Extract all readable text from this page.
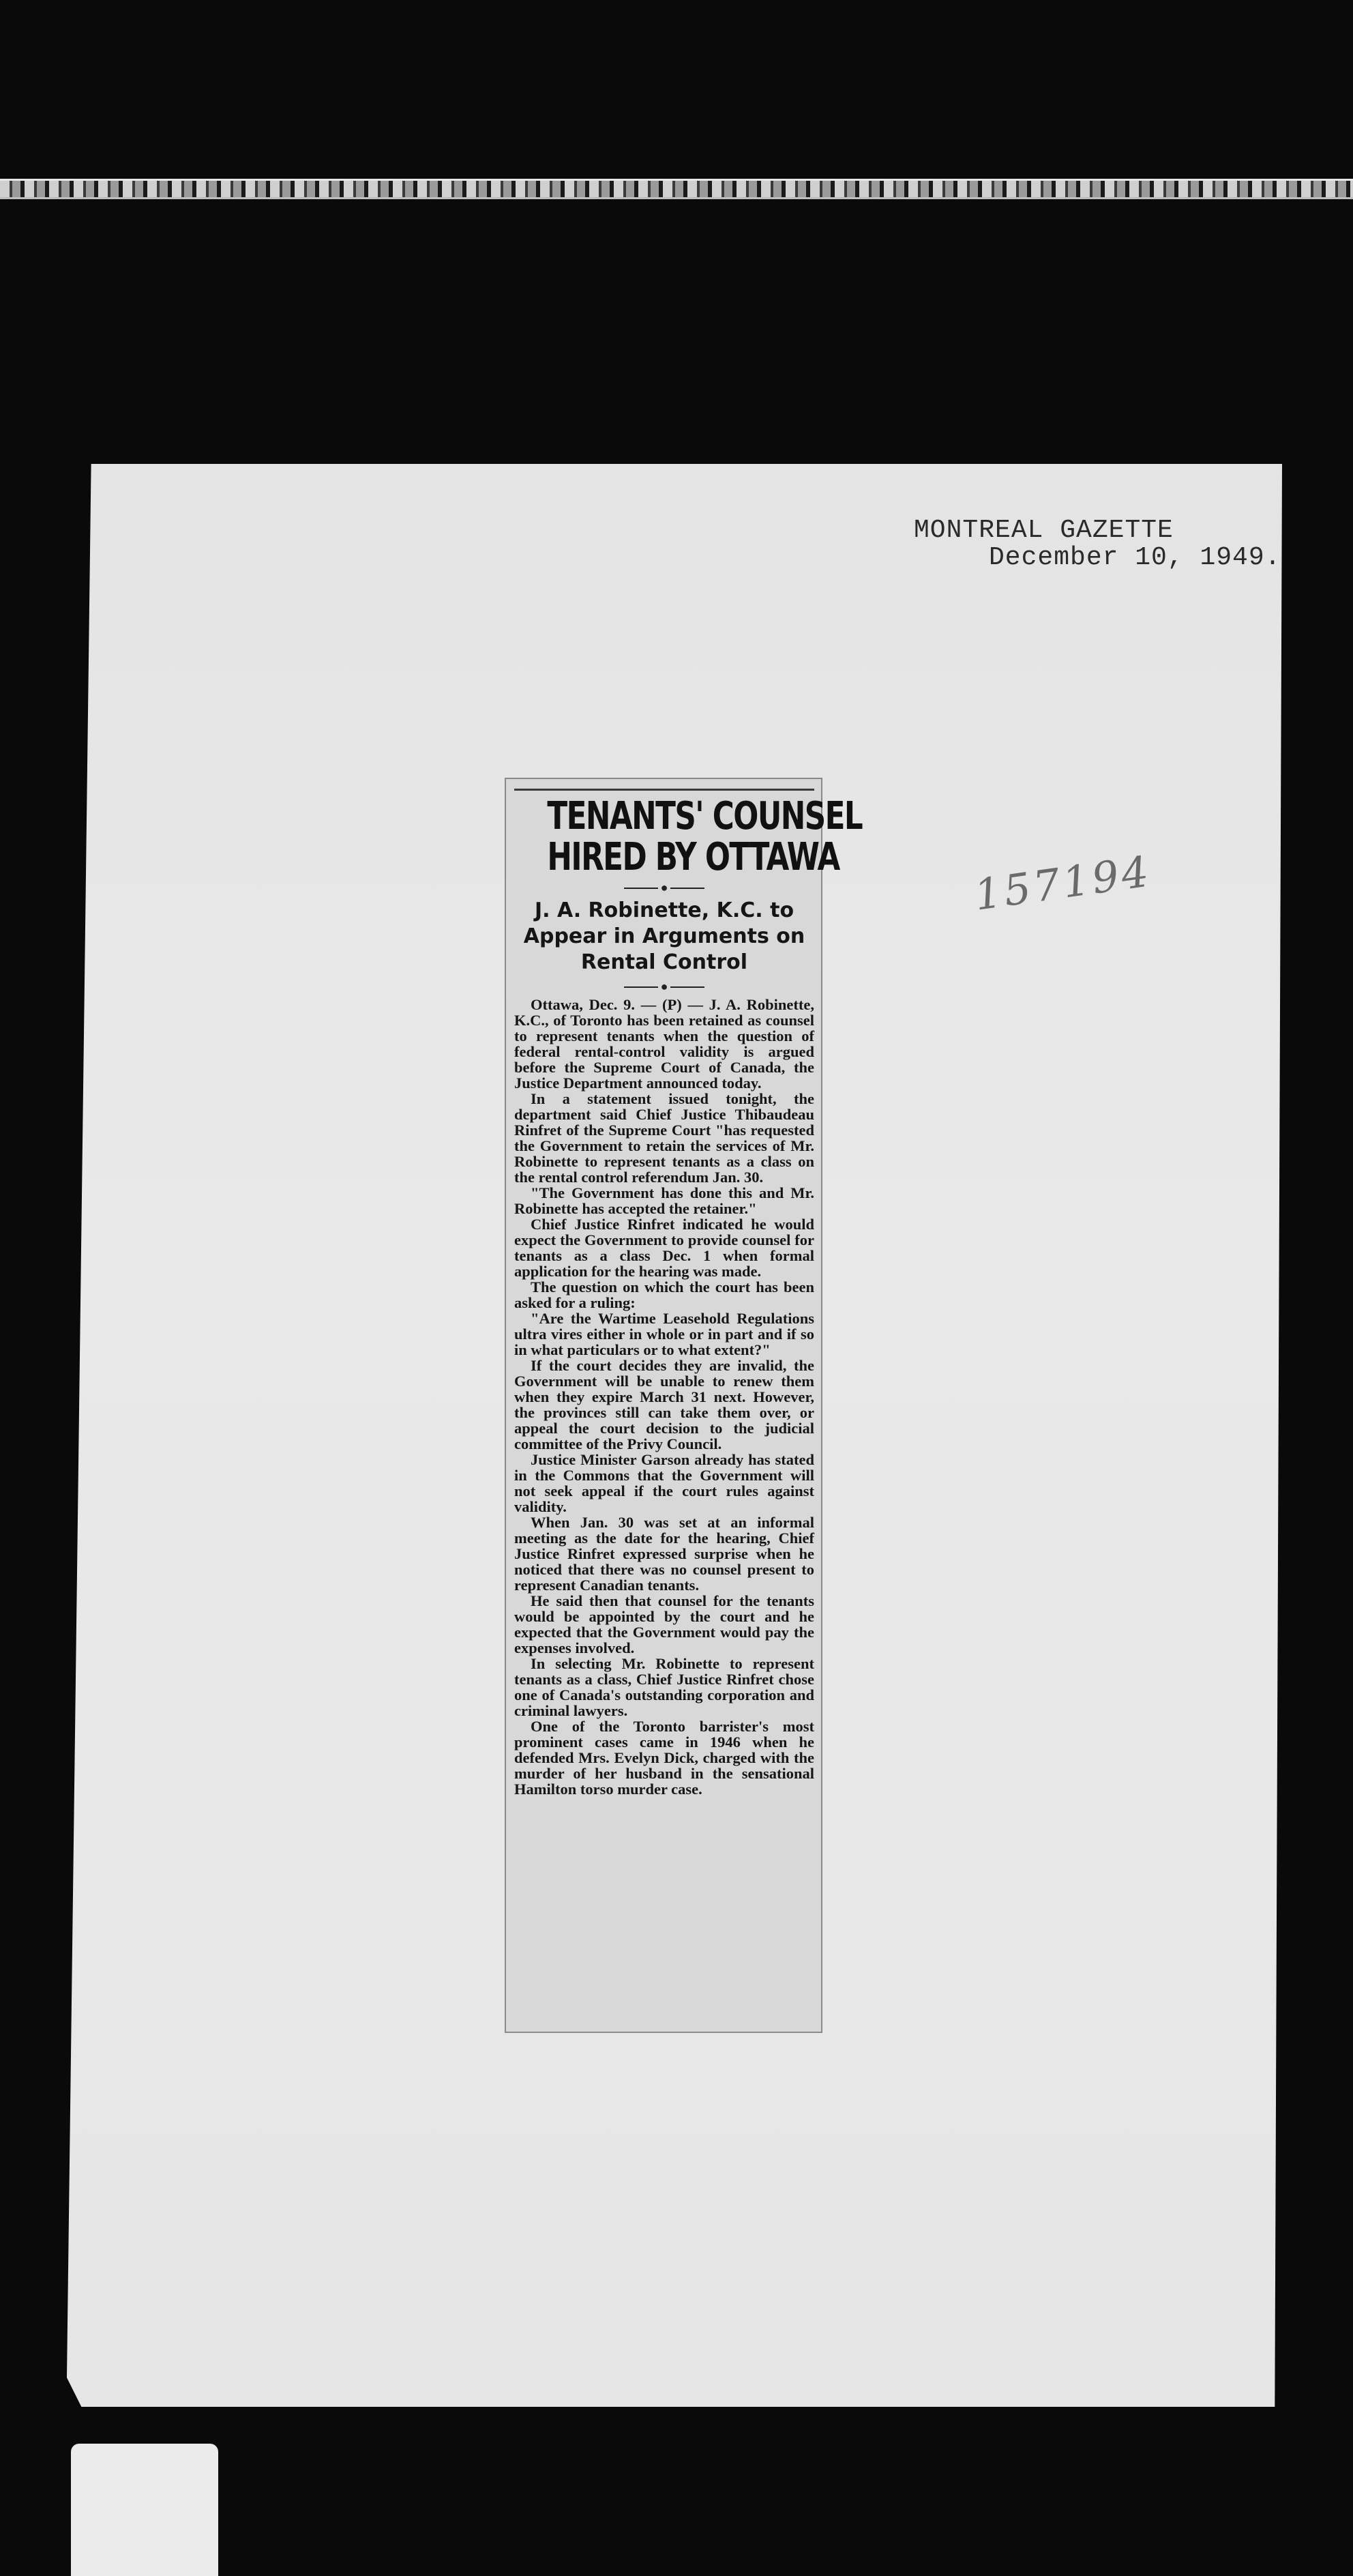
MONTREAL GAZETTE
December 10, 1949.
157194
TENANTS' COUNSEL
HIRED BY OTTAWA
●
J. A. Robinette, K.C. to
Appear in Arguments on
Rental Control
●

Ottawa, Dec. 9. — (P) — J. A. Robinette, K.C., of Toronto has been retained as counsel to represent tenants when the question of federal rental-control validity is argued before the Supreme Court of Canada, the Justice Department announced today.

In a statement issued tonight, the department said Chief Justice Thibaudeau Rinfret of the Supreme Court "has requested the Government to retain the services of Mr. Robinette to represent tenants as a class on the rental control referendum Jan. 30.

"The Government has done this and Mr. Robinette has accepted the retainer."

Chief Justice Rinfret indicated he would expect the Government to provide counsel for tenants as a class Dec. 1 when formal application for the hearing was made.

The question on which the court has been asked for a ruling:

"Are the Wartime Leasehold Regulations ultra vires either in whole or in part and if so in what particulars or to what extent?"

If the court decides they are invalid, the Government will be unable to renew them when they expire March 31 next. However, the provinces still can take them over, or appeal the court decision to the judicial committee of the Privy Council.

Justice Minister Garson already has stated in the Commons that the Government will not seek appeal if the court rules against validity.

When Jan. 30 was set at an informal meeting as the date for the hearing, Chief Justice Rinfret expressed surprise when he noticed that there was no counsel present to represent Canadian tenants.

He said then that counsel for the tenants would be appointed by the court and he expected that the Government would pay the expenses involved.

In selecting Mr. Robinette to represent tenants as a class, Chief Justice Rinfret chose one of Canada's outstanding corporation and criminal lawyers.

One of the Toronto barrister's most prominent cases came in 1946 when he defended Mrs. Evelyn Dick, charged with the murder of her husband in the sensational Hamilton torso murder case.
